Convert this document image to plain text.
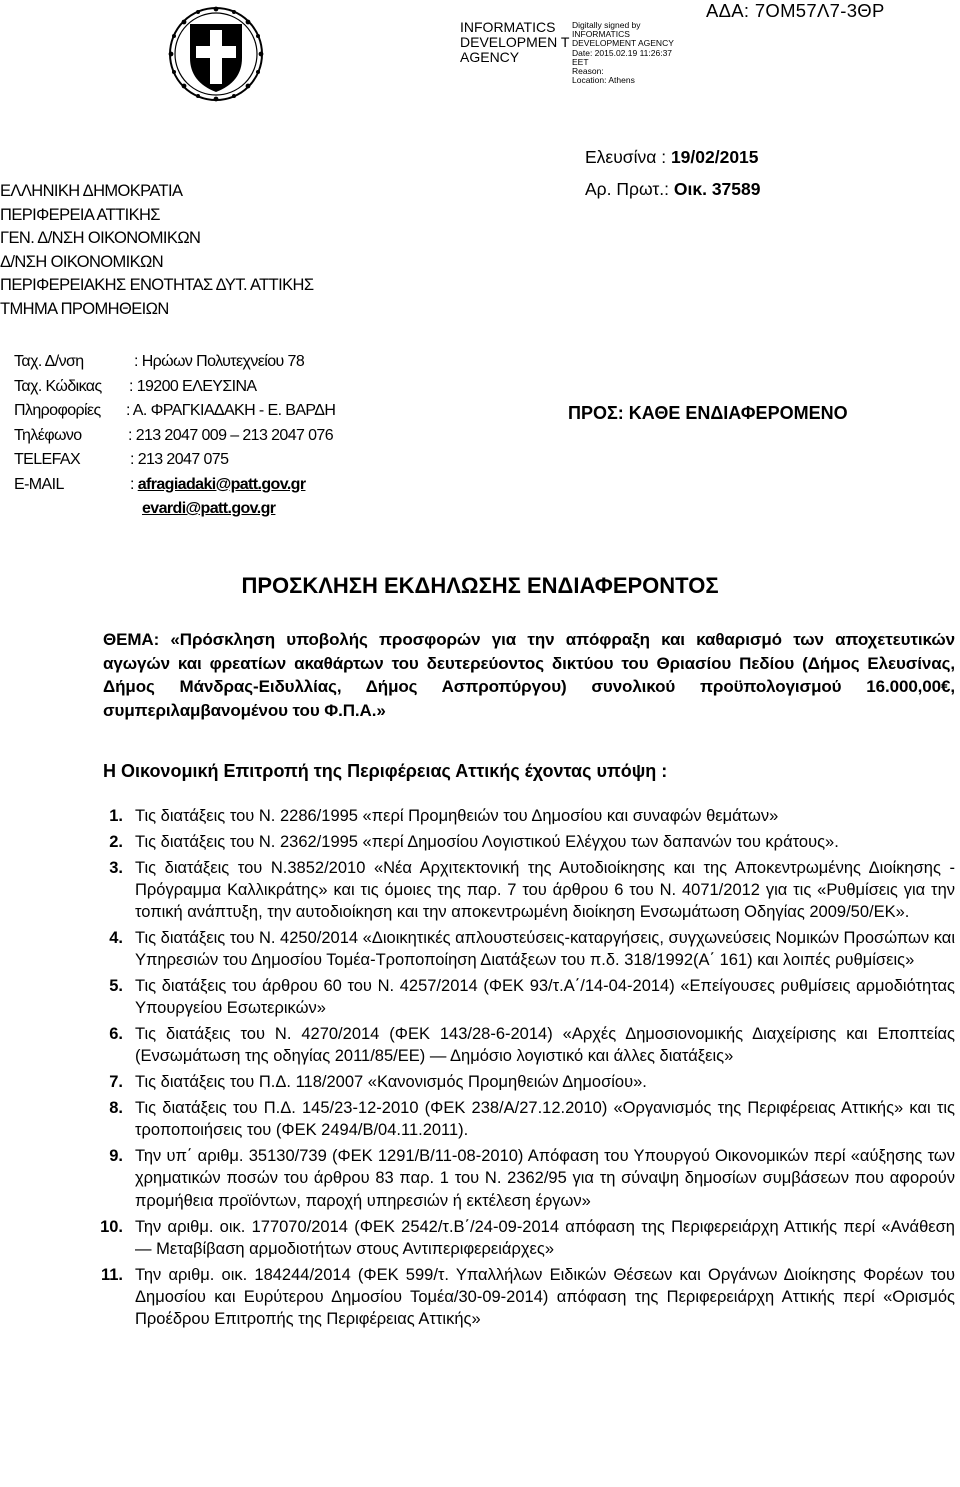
INFORMATICS DEVELOPMEN T AGENCY
Digitally signed by
INFORMATICS
DEVELOPMENT AGENCY
Date: 2015.02.19 11:26:37
EET
Reason:
Location: Athens
ΑΔΑ: 7ΟΜ57Λ7-3ΘΡ
Ελευσίνα : 19/02/2015
Αρ. Πρωτ.: Οικ. 37589
ΕΛΛΗΝΙΚΗ ΔΗΜΟΚΡΑΤΙΑ
ΠΕΡΙΦΕΡΕΙΑ ΑΤΤΙΚΗΣ
ΓΕΝ. Δ/ΝΣΗ ΟΙΚΟΝΟΜΙΚΩΝ
Δ/ΝΣΗ ΟΙΚΟΝΟΜΙΚΩΝ
ΠΕΡΙΦΕΡΕΙΑΚΗΣ ΕΝΟΤΗΤΑΣ ΔΥΤ. ΑΤΤΙΚΗΣ
ΤΜΗΜΑ ΠΡΟΜΗΘΕΙΩΝ
Ταχ. Δ/νση	: Ηρώων Πολυτεχνείου 78
Ταχ. Κώδικας : 19200 ΕΛΕΥΣΙΝΑ
Πληροφορίες : Α. ΦΡΑΓΚΙΑΔΑΚΗ - Ε. ΒΑΡΔΗ
Τηλέφωνο	: 213 2047 009 – 213 2047 076
TELEFAX	: 213 2047 075
E-MAIL	: afragiadaki@patt.gov.gr
evardi@patt.gov.gr
ΠΡΟΣ: ΚΑΘΕ ΕΝΔΙΑΦΕΡΟΜΕΝΟ
ΠΡΟΣΚΛΗΣΗ ΕΚΔΗΛΩΣΗΣ ΕΝΔΙΑΦΕΡΟΝΤΟΣ
ΘΕΜΑ: «Πρόσκληση υποβολής προσφορών για την απόφραξη και καθαρισμό των αποχετευτικών αγωγών και φρεατίων ακαθάρτων του δευτερεύοντος δικτύου του Θριασίου Πεδίου (Δήμος Ελευσίνας, Δήμος Μάνδρας-Ειδυλλίας, Δήμος Ασπροπύργου) συνολικού προϋπολογισμού 16.000,00€, συμπεριλαμβανομένου του Φ.Π.Α.»
Η Οικονομική Επιτροπή της Περιφέρειας Αττικής έχοντας υπόψη :
1. Τις διατάξεις του Ν. 2286/1995 «περί Προμηθειών του Δημοσίου και συναφών θεμάτων»
2. Τις διατάξεις του Ν. 2362/1995 «περί Δημοσίου Λογιστικού Ελέγχου των δαπανών του κράτους».
3. Τις διατάξεις του Ν.3852/2010 «Νέα Αρχιτεκτονική της Αυτοδιοίκησης και της Αποκεντρωμένης Διοίκησης - Πρόγραμμα Καλλικράτης» και τις όμοιες της παρ. 7 του άρθρου 6 του Ν. 4071/2012 για τις «Ρυθμίσεις για την τοπική ανάπτυξη, την αυτοδιοίκηση και την αποκεντρωμένη διοίκηση Ενσωμάτωση Οδηγίας 2009/50/ΕΚ».
4. Τις διατάξεις του Ν. 4250/2014 «Διοικητικές απλουστεύσεις-καταργήσεις, συγχωνεύσεις Νομικών Προσώπων και Υπηρεσιών του Δημοσίου Τομέα-Τροποποίηση Διατάξεων του π.δ. 318/1992(Α΄ 161) και λοιπές ρυθμίσεις»
5. Τις διατάξεις του άρθρου 60 του Ν. 4257/2014 (ΦΕΚ 93/τ.Α΄/14-04-2014) «Επείγουσες ρυθμίσεις αρμοδιότητας Υπουργείου Εσωτερικών»
6. Τις διατάξεις του Ν. 4270/2014 (ΦΕΚ 143/28-6-2014) «Αρχές Δημοσιονομικής Διαχείρισης και Εποπτείας (Ενσωμάτωση της οδηγίας 2011/85/ΕΕ) — Δημόσιο λογιστικό και άλλες διατάξεις»
7. Τις διατάξεις του Π.Δ. 118/2007 «Κανονισμός Προμηθειών Δημοσίου».
8. Τις διατάξεις του Π.Δ. 145/23-12-2010 (ΦΕΚ 238/Α/27.12.2010) «Οργανισμός της Περιφέρειας Αττικής» και τις τροποποιήσεις του (ΦΕΚ 2494/Β/04.11.2011).
9. Την υπ΄ αριθμ. 35130/739 (ΦΕΚ 1291/Β/11-08-2010) Απόφαση του Υπουργού Οικονομικών περί «αύξησης των χρηματικών ποσών του άρθρου 83 παρ. 1 του Ν. 2362/95 για τη σύναψη δημοσίων συμβάσεων που αφορούν προμήθεια προϊόντων, παροχή υπηρεσιών ή εκτέλεση έργων»
10. Την αριθμ. οικ. 177070/2014 (ΦΕΚ 2542/τ.Β΄/24-09-2014 απόφαση της Περιφερειάρχη Αττικής περί «Ανάθεση — Μεταβίβαση αρμοδιοτήτων στους Αντιπεριφερειάρχες»
11. Την αριθμ. οικ. 184244/2014 (ΦΕΚ 599/τ. Υπαλλήλων Ειδικών Θέσεων και Οργάνων Διοίκησης Φορέων του Δημοσίου και Ευρύτερου Δημοσίου Τομέα/30-09-2014) απόφαση της Περιφερειάρχη Αττικής περί «Ορισμός Προέδρου Επιτροπής της Περιφέρειας Αττικής»
